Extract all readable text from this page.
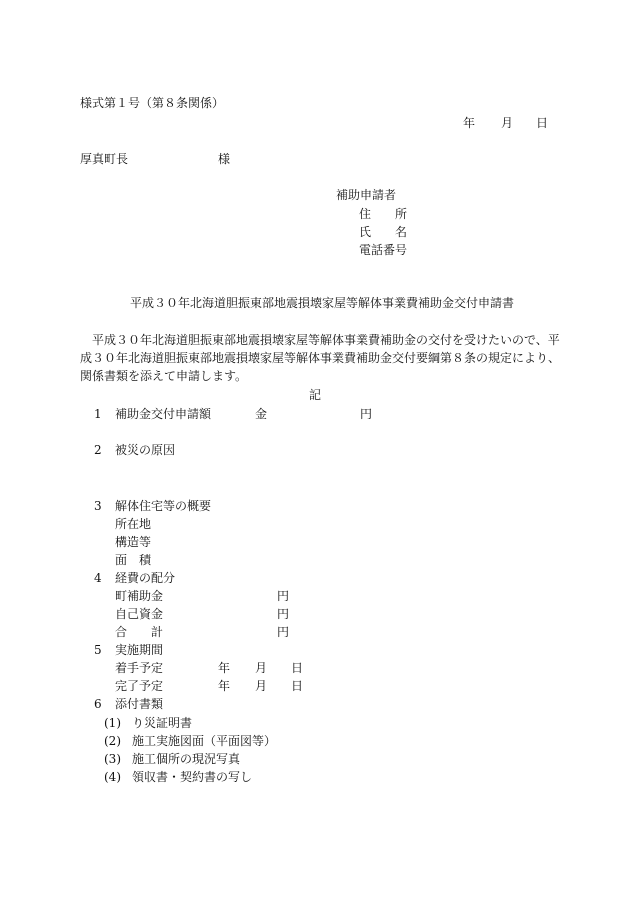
様式第１号（第８条関係）
年 月 日
厚真町長	様
補助申請者
住　　所
氏　　名
電話番号
平成３０年北海道胆振東部地震損壊家屋等解体事業費補助金交付申請書
　平成３０年北海道胆振東部地震損壊家屋等解体事業費補助金の交付を受けたいので、平
成３０年北海道胆振東部地震損壊家屋等解体事業費補助金交付要綱第８条の規定により、
関係書類を添えて申請します。
記
1 補助金交付申請額	金	円
2 被災の原因
3 解体住宅等の概要
所在地
構造等
面　積
4 経費の配分
町補助金	円
自己資金	円
合　　計	円
5 実施期間
着手予定	年 月 日
完了予定	年 月 日
6 添付書類
(1) り災証明書
(2) 施工実施図面（平面図等）
(3) 施工個所の現況写真
(4) 領収書・契約書の写し
